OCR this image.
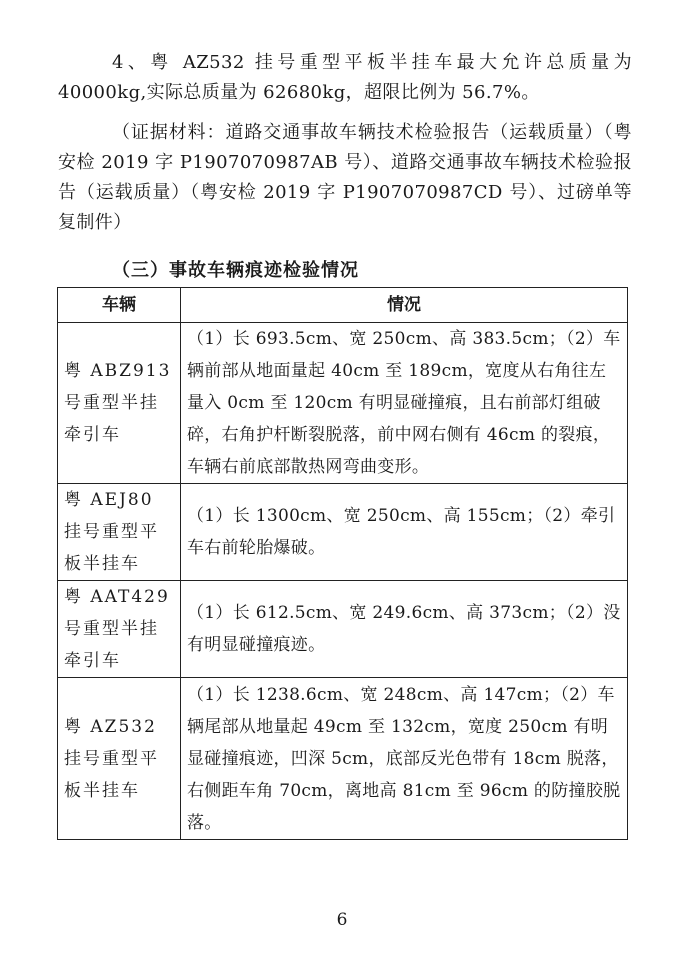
4、粤 AZ532 挂号重型平板半挂车最大允许总质量为 40000kg,实际总质量为 62680kg，超限比例为 56.7%。

（证据材料：道路交通事故车辆技术检验报告（运载质量）（粤安检 2019 字 P1907070987AB 号）、道路交通事故车辆技术检验报告（运载质量）（粤安检 2019 字 P1907070987CD 号）、过磅单等复制件）

（三）事故车辆痕迹检验情况
车辆	情况
粤 ABZ913 号重型半挂牵引车	（1）长 693.5cm、宽 250cm、高 383.5cm；（2）车辆前部从地面量起 40cm 至 189cm，宽度从右角往左量入 0cm 至 120cm 有明显碰撞痕，且右前部灯组破碎，右角护杆断裂脱落，前中网右侧有 46cm 的裂痕，车辆右前底部散热网弯曲变形。
粤 AEJ80 挂号重型平板半挂车	（1）长 1300cm、宽 250cm、高 155cm；（2）牵引车右前轮胎爆破。
粤 AAT429 号重型半挂牵引车	（1）长 612.5cm、宽 249.6cm、高 373cm；（2）没有明显碰撞痕迹。
粤 AZ532 挂号重型平板半挂车	（1）长 1238.6cm、宽 248cm、高 147cm；（2）车辆尾部从地量起 49cm 至 132cm，宽度 250cm 有明显碰撞痕迹，凹深 5cm，底部反光色带有 18cm 脱落，右侧距车角 70cm，离地高 81cm 至 96cm 的防撞胶脱落。
6
